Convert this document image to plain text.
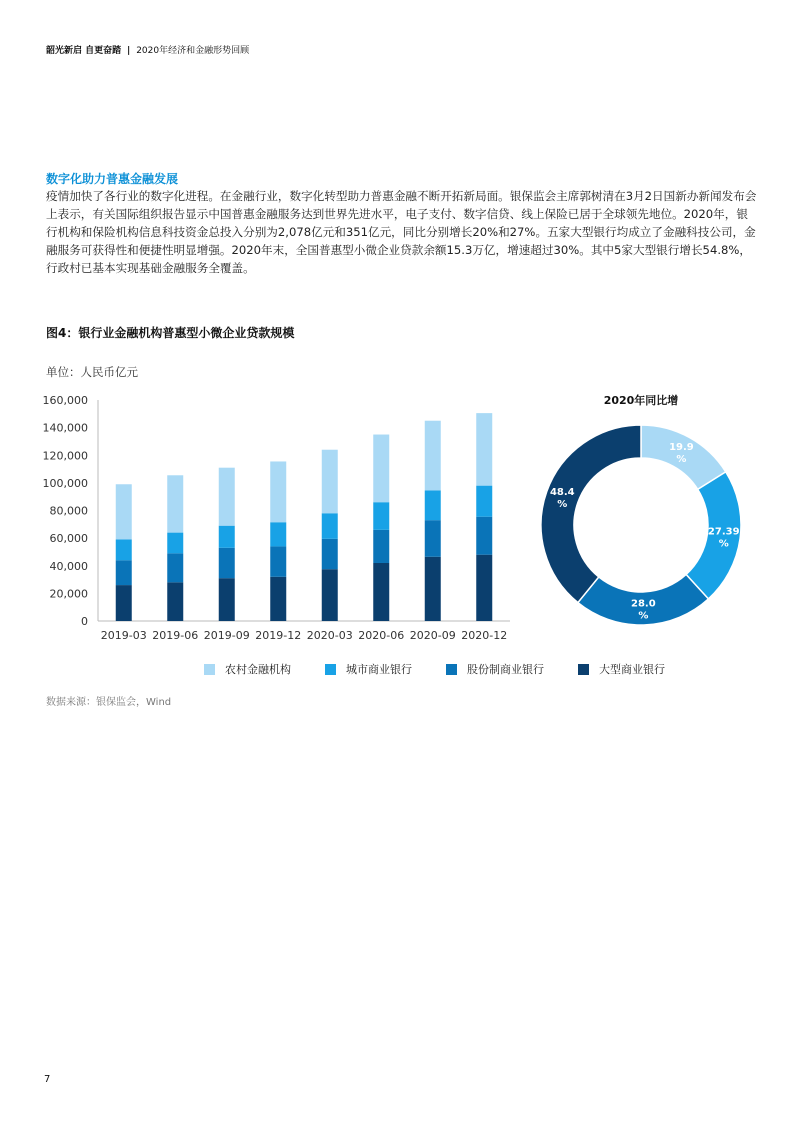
韶光新启 自更奋踏 | 2020年经济和金融形势回顾
数字化助力普惠金融发展
疫情加快了各行业的数字化进程。在金融行业，数字化转型助力普惠金融不断开拓新局面。银保监会主席郭树清在3月2日国新办新闻发布会上表示，有关国际组织报告显示中国普惠金融服务达到世界先进水平，电子支付、数字信贷、线上保险已居于全球领先地位。2020年，银行机构和保险机构信息科技资金总投入分别为2,078亿元和351亿元，同比分别增长20%和27%。五家大型银行均成立了金融科技公司，金融服务可获得性和便捷性明显增强。2020年末，全国普惠型小微企业贷款余额15.3万亿，增速超过30%。其中5家大型银行增长54.8%，行政村已基本实现基础金融服务全覆盖。
图4：银行业金融机构普惠型小微企业贷款规模
单位：人民币亿元
0
20,000
40,000
60,000
80,000
100,000
120,000
140,000
160,000
2019-03 2019-06 2019-09 2019-12 2020-03 2020-06 2020-09 2020-12
2020年同比增
19.9
%
27.39
%
28.0
%
48.4
%
农村金融机构	城市商业银行	股份制商业银行	大型商业银行
数据来源：银保监会，Wind
7
